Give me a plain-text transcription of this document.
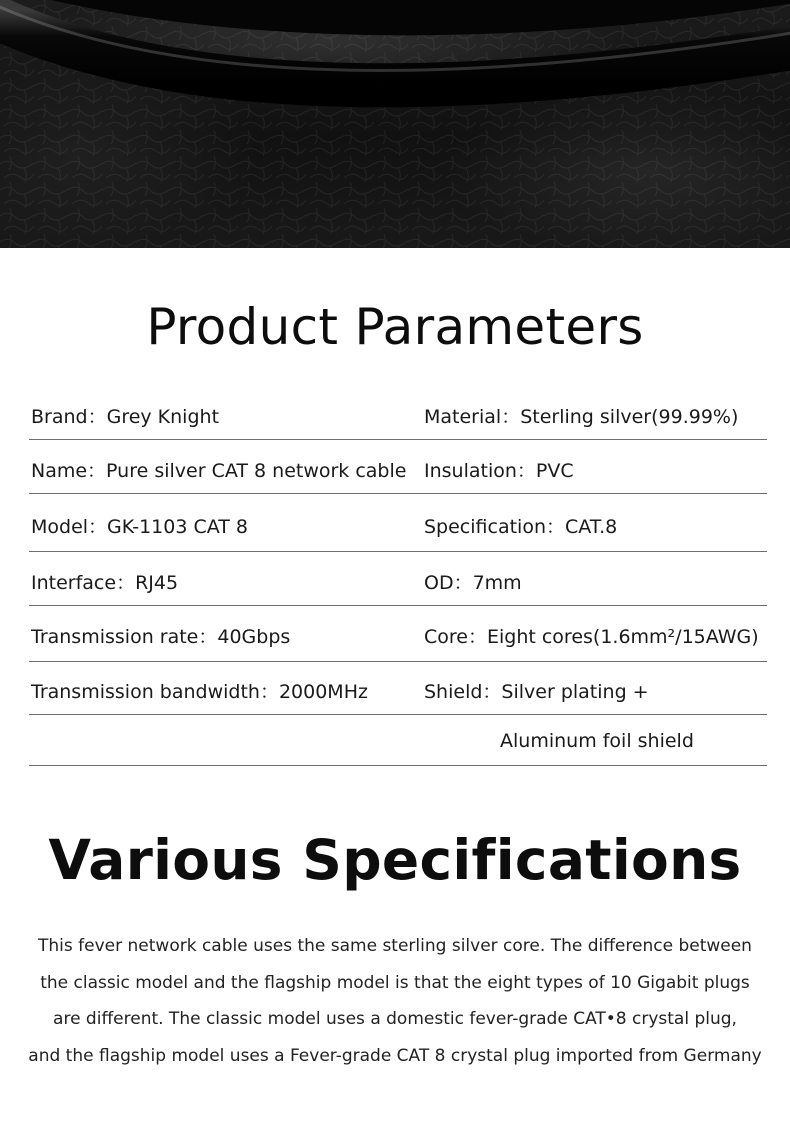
Product Parameters
Brand：Grey Knight	Material：Sterling silver(99.99%)
Name：Pure silver CAT 8 network cable Insulation：PVC
Model：GK-1103 CAT 8	Specification：CAT.8
Interface：RJ45	OD：7mm
Transmission rate：40Gbps	Core：Eight cores(1.6mm²/15AWG)
Transmission bandwidth：2000MHz	Shield：Silver plating +
Aluminum foil shield
Various Specifications
This fever network cable uses the same sterling silver core. The difference between
the classic model and the flagship model is that the eight types of 10 Gigabit plugs
are different. The classic model uses a domestic fever-grade CAT•8 crystal plug,
and the flagship model uses a Fever-grade CAT 8 crystal plug imported from Germany
